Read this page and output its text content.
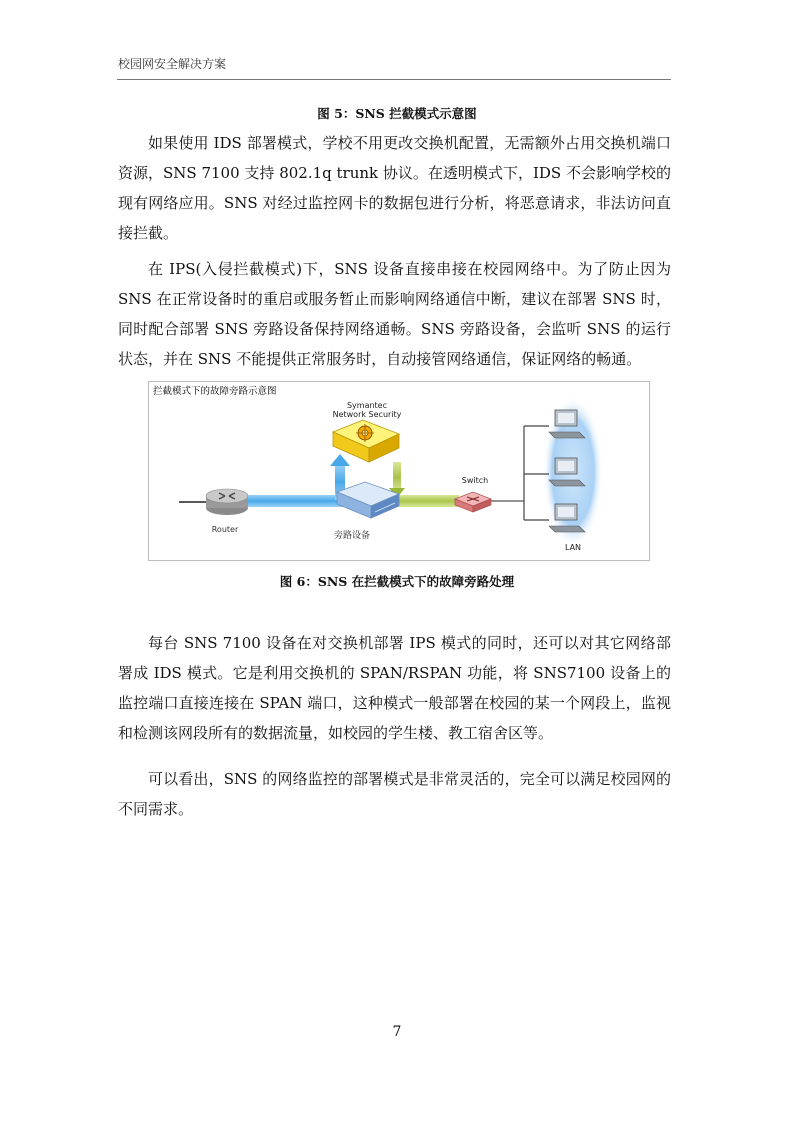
校园网安全解决方案
图 5：SNS 拦截模式示意图

如果使用 IDS 部署模式，学校不用更改交换机配置，无需额外占用交换机端口资源，SNS 7100 支持 802.1q trunk 协议。在透明模式下，IDS 不会影响学校的现有网络应用。SNS 对经过监控网卡的数据包进行分析，将恶意请求，非法访问直接拦截。

在 IPS(入侵拦截模式)下，SNS 设备直接串接在校园网络中。为了防止因为 SNS 在正常设备时的重启或服务暂止而影响网络通信中断，建议在部署 SNS 时，同时配合部署 SNS 旁路设备保持网络通畅。SNS 旁路设备，会监听 SNS 的运行状态，并在 SNS 不能提供正常服务时，自动接管网络通信，保证网络的畅通。

拦截模式下的故障旁路示意图
Router
Symantec
Network Security
旁路设备
Switch
LAN
图 6：SNS 在拦截模式下的故障旁路处理

每台 SNS 7100 设备在对交换机部署 IPS 模式的同时，还可以对其它网络部署成 IDS 模式。它是利用交换机的 SPAN/RSPAN 功能，将 SNS7100 设备上的监控端口直接连接在 SPAN 端口，这种模式一般部署在校园的某一个网段上，监视和检测该网段所有的数据流量，如校园的学生楼、教工宿舍区等。

可以看出，SNS 的网络监控的部署模式是非常灵活的，完全可以满足校园网的不同需求。

7
